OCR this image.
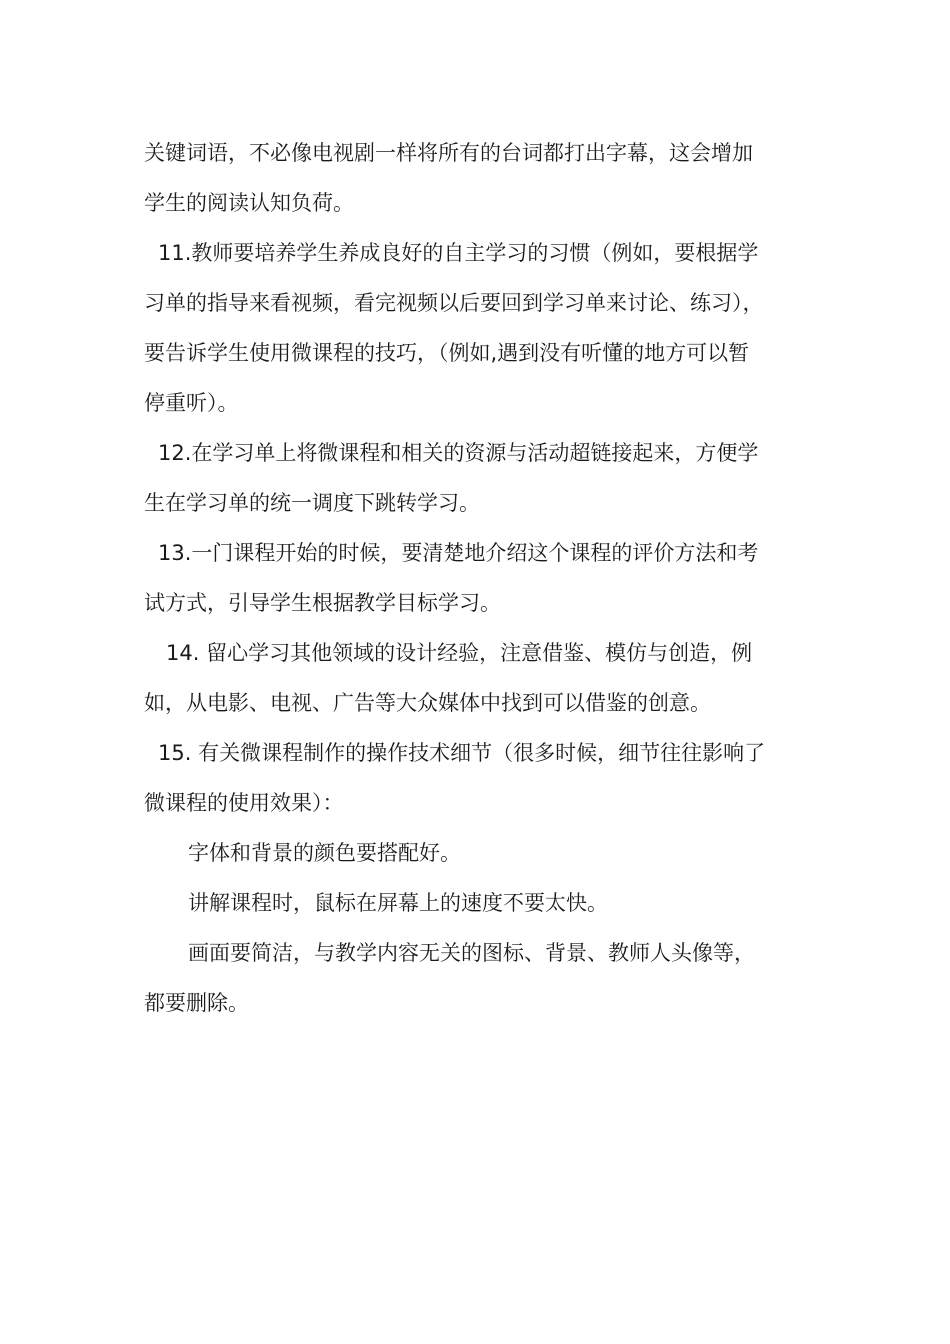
关键词语，不必像电视剧一样将所有的台词都打出字幕，这会增加
学生的阅读认知负荷。
11.教师要培养学生养成良好的自主学习的习惯（例如，要根据学
习单的指导来看视频，看完视频以后要回到学习单来讨论、练习），
要告诉学生使用微课程的技巧，（例如,遇到没有听懂的地方可以暂
停重听）。
12.在学习单上将微课程和相关的资源与活动超链接起来，方便学
生在学习单的统一调度下跳转学习。
13.一门课程开始的时候，要清楚地介绍这个课程的评价方法和考
试方式，引导学生根据教学目标学习。
14. 留心学习其他领域的设计经验，注意借鉴、模仿与创造，例
如，从电影、电视、广告等大众媒体中找到可以借鉴的创意。
15. 有关微课程制作的操作技术细节（很多时候，细节往往影响了
微课程的使用效果）：
字体和背景的颜色要搭配好。
讲解课程时，鼠标在屏幕上的速度不要太快。
画面要简洁，与教学内容无关的图标、背景、教师人头像等，
都要删除。
